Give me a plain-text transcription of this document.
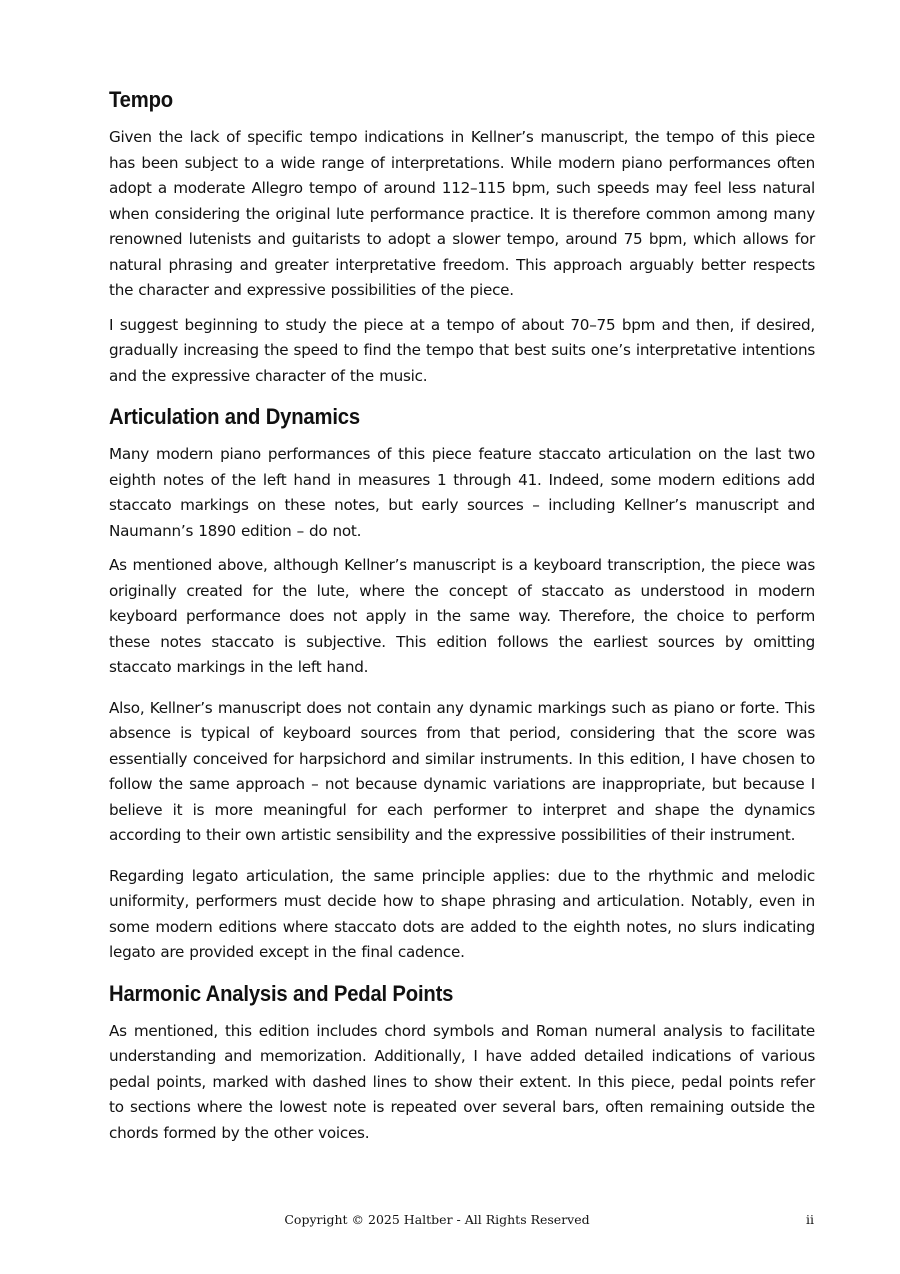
Tempo

Given the lack of specific tempo indications in Kellner’s manuscript, the tempo of this piece has been subject to a wide range of interpretations. While modern piano performances often adopt a moderate Allegro tempo of around 112–115 bpm, such speeds may feel less natural when considering the original lute performance practice. It is therefore common among many renowned lutenists and guitarists to adopt a slower tempo, around 75 bpm, which allows for natural phrasing and greater interpretative freedom. This approach arguably better respects the character and expressive possibilities of the piece.

I suggest beginning to study the piece at a tempo of about 70–75 bpm and then, if desired, gradually increasing the speed to find the tempo that best suits one’s interpretative intentions and the expressive character of the music.

Articulation and Dynamics

Many modern piano performances of this piece feature staccato articulation on the last two eighth notes of the left hand in measures 1 through 41. Indeed, some modern editions add staccato markings on these notes, but early sources – including Kellner’s manuscript and Naumann’s 1890 edition – do not.

As mentioned above, although Kellner’s manuscript is a keyboard transcription, the piece was originally created for the lute, where the concept of staccato as understood in modern keyboard performance does not apply in the same way. Therefore, the choice to perform these notes staccato is subjective. This edition follows the earliest sources by omitting staccato markings in the left hand.

Also, Kellner’s manuscript does not contain any dynamic markings such as piano or forte. This absence is typical of keyboard sources from that period, considering that the score was essentially conceived for harpsichord and similar instruments. In this edition, I have chosen to follow the same approach – not because dynamic variations are inappropriate, but because I believe it is more meaningful for each performer to interpret and shape the dynamics according to their own artistic sensibility and the expressive possibilities of their instrument.

Regarding legato articulation, the same principle applies: due to the rhythmic and melodic uniformity, performers must decide how to shape phrasing and articulation. Notably, even in some modern editions where staccato dots are added to the eighth notes, no slurs indicating legato are provided except in the final cadence.

Harmonic Analysis and Pedal Points

As mentioned, this edition includes chord symbols and Roman numeral analysis to facilitate understanding and memorization. Additionally, I have added detailed indications of various pedal points, marked with dashed lines to show their extent. In this piece, pedal points refer to sections where the lowest note is repeated over several bars, often remaining outside the chords formed by the other voices.

Copyright © 2025 Haltber - All Rights Reserved	ii
